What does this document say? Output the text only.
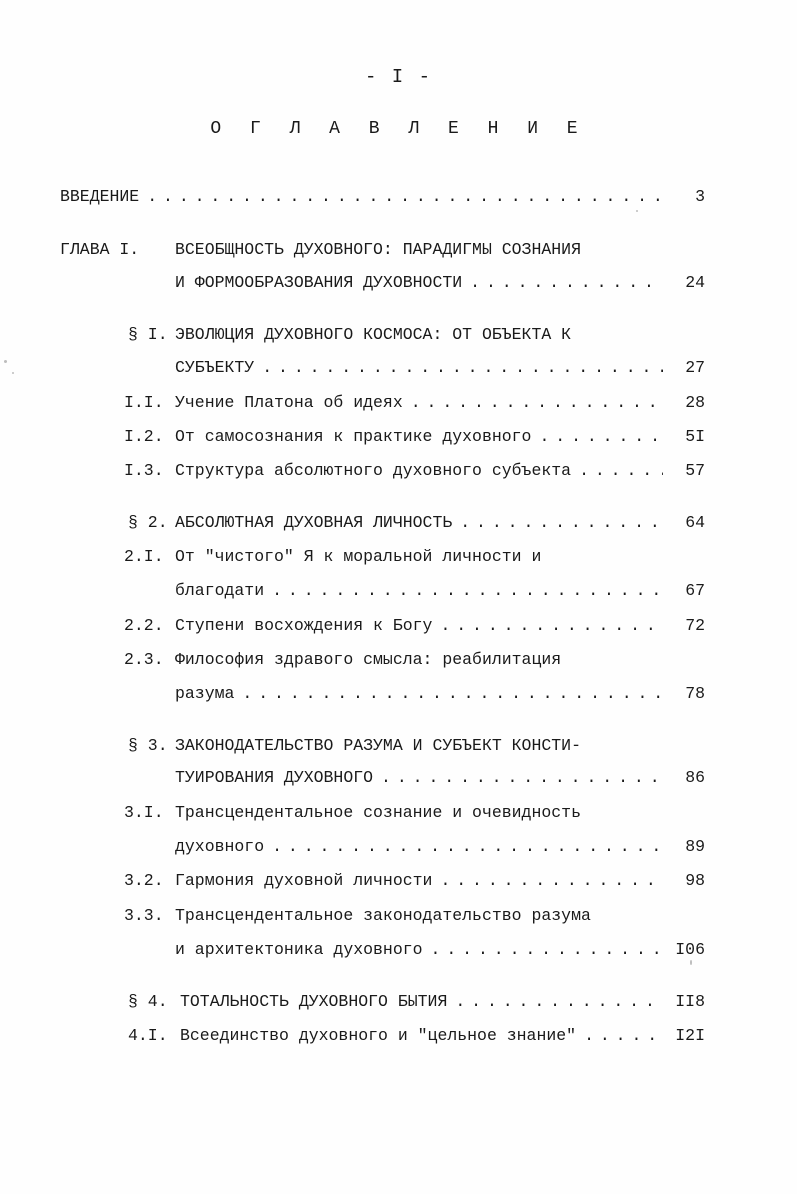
- I -
О Г Л А В Л Е Н И Е
ВВЕДЕНИЕ . . .	3
ГЛАВА I. ВСЕОБЩНОСТЬ ДУХОВНОГО: ПАРАДИГМЫ СОЗНАНИЯ
И ФОРМООБРАЗОВАНИЯ ДУХОВНОСТИ . . .	24
§ I. ЭВОЛЮЦИЯ ДУХОВНОГО КОСМОСА: ОТ ОБЪЕКТА К
СУБЪЕКТУ . . .	27
I.I. Учение Платона об идеях . . .	28
I.2. От самосознания к практике духовного . . .	5I
I.3. Структура абсолютного духовного субъекта . . .	57
§ 2. АБСОЛЮТНАЯ ДУХОВНАЯ ЛИЧНОСТЬ . . .	64
2.I. От "чистого" Я к моральной личности и
благодати . . .	67
2.2. Ступени восхождения к Богу . . .	72
2.3. Философия здравого смысла: реабилитация
разума . . .	78
§ 3. ЗАКОНОДАТЕЛЬСТВО РАЗУМА И СУБЪЕКТ КОНСТИ-
ТУИРОВАНИЯ ДУХОВНОГО . . .	86
3.I. Трансцендентальное сознание и очевидность
духовного . . .	89
3.2. Гармония духовной личности . . .	98
3.3. Трансцендентальное законодательство разума
и архитектоника духовного . . .	I06
§ 4. ТОТАЛЬНОСТЬ ДУХОВНОГО БЫТИЯ . . .	II8
4.I. Всеединство духовного и "цельное знание" . . .	I2I
